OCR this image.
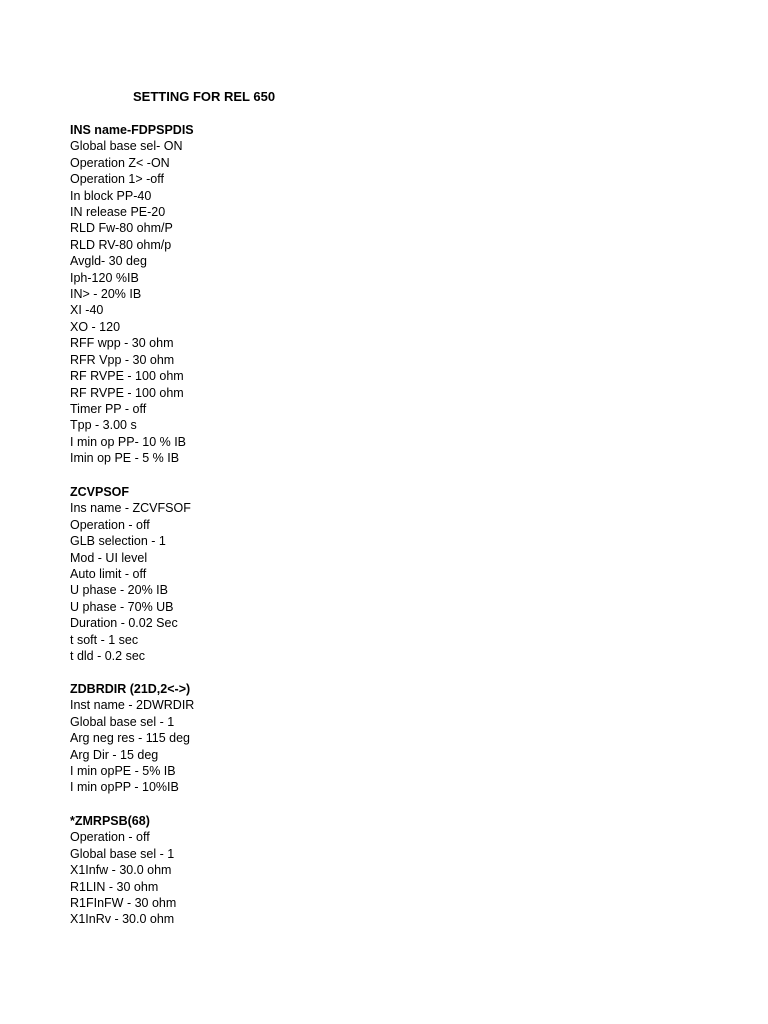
SETTING FOR REL 650
INS name-FDPSPDIS
Global base sel- ON
Operation Z< -ON
Operation 1> -off
In block PP-40
IN release PE-20
RLD Fw-80 ohm/P
RLD RV-80 ohm/p
Avgld- 30 deg
Iph-120 %IB
IN> - 20% IB
XI -40
XO - 120
RFF wpp - 30 ohm
RFR Vpp - 30 ohm
RF RVPE - 100 ohm
RF RVPE - 100 ohm
Timer PP - off
Tpp - 3.00 s
I min op PP- 10 % IB
Imin op PE - 5 % IB
ZCVPSOF
Ins name - ZCVFSOF
Operation - off
GLB selection - 1
Mod - UI level
Auto limit - off
U phase - 20% IB
U phase - 70% UB
Duration - 0.02 Sec
t soft - 1 sec
t dld - 0.2 sec
ZDBRDIR (21D,2<->)
Inst name - 2DWRDIR
Global base sel - 1
Arg neg res - 115 deg
Arg Dir - 15 deg
I min opPE - 5% IB
I min opPP - 10%IB
*ZMRPSB(68)
Operation - off
Global base sel - 1
X1Infw - 30.0 ohm
R1LIN - 30 ohm
R1FInFW - 30 ohm
X1InRv - 30.0 ohm
